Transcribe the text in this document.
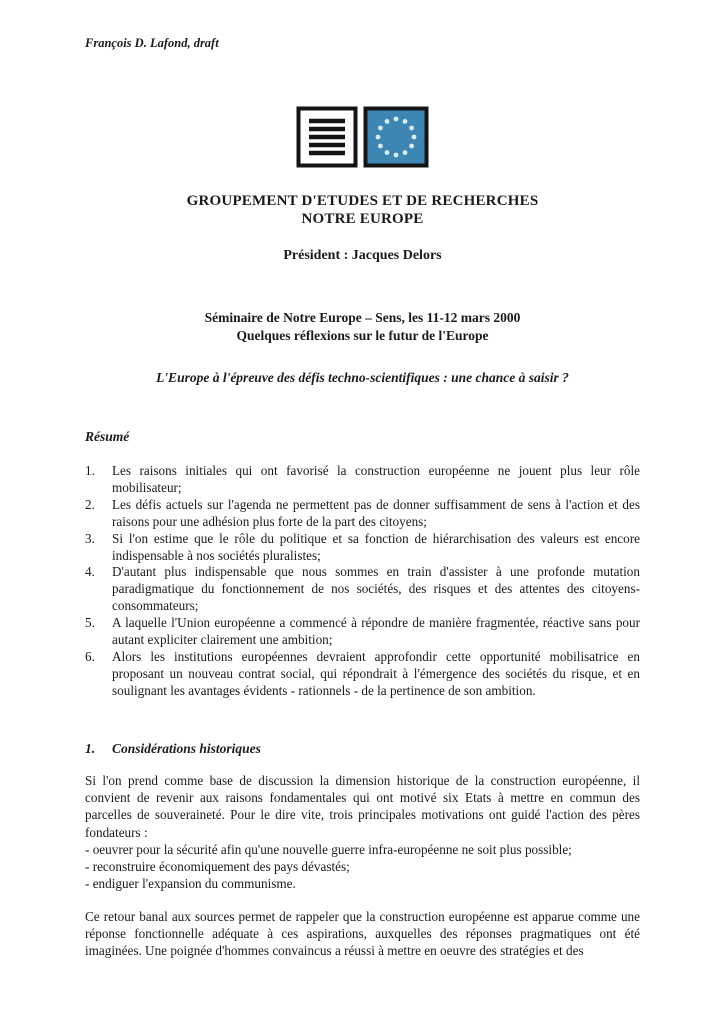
François D. Lafond, draft
GROUPEMENT D'ETUDES ET DE RECHERCHES
NOTRE EUROPE
Président : Jacques Delors
Séminaire de Notre Europe – Sens, les 11-12 mars 2000
Quelques réflexions sur le futur de l'Europe
L'Europe à l'épreuve des défis techno-scientifiques : une chance à saisir ?
Résumé
1.	Les raisons initiales qui ont favorisé la construction européenne ne jouent plus leur rôle mobilisateur;
2.	Les défis actuels sur l'agenda ne permettent pas de donner suffisamment de sens à l'action et des raisons pour une adhésion plus forte de la part des citoyens;
3.	Si l'on estime que le rôle du politique et sa fonction de hiérarchisation des valeurs est encore indispensable à nos sociétés pluralistes;
4.	D'autant plus indispensable que nous sommes en train d'assister à une profonde mutation paradigmatique du fonctionnement de nos sociétés, des risques et des attentes des citoyens-consommateurs;
5.	A laquelle l'Union européenne a commencé à répondre de manière fragmentée, réactive sans pour autant expliciter clairement une ambition;
6.	Alors les institutions européennes devraient approfondir cette opportunité mobilisatrice en proposant un nouveau contrat social, qui répondrait à l'émergence des sociétés du risque, et en soulignant les avantages évidents - rationnels - de la pertinence de son ambition.
1.	Considérations historiques

Si l'on prend comme base de discussion la dimension historique de la construction européenne, il convient de revenir aux raisons fondamentales qui ont motivé six Etats à mettre en commun des parcelles de souveraineté. Pour le dire vite, trois principales motivations ont guidé l'action des pères fondateurs :

- oeuvrer pour la sécurité afin qu'une nouvelle guerre infra-européenne ne soit plus possible;
- reconstruire économiquement des pays dévastés;
- endiguer l'expansion du communisme.

Ce retour banal aux sources permet de rappeler que la construction européenne est apparue comme une réponse fonctionnelle adéquate à ces aspirations, auxquelles des réponses pragmatiques ont été imaginées. Une poignée d'hommes convaincus a réussi à mettre en oeuvre des stratégies et des
